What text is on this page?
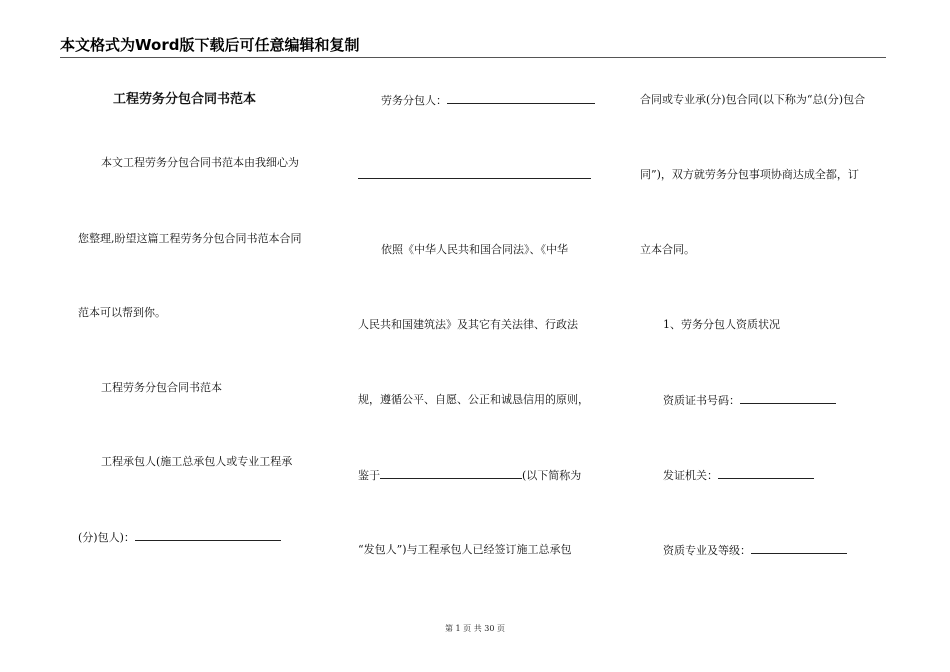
本文格式为Word版下载后可任意编辑和复制
工程劳务分包合同书范本
本文工程劳务分包合同书范本由我细心为
您整理,盼望这篇工程劳务分包合同书范本合同
范本可以帮到你。
工程劳务分包合同书范本
工程承包人(施工总承包人或专业工程承
(分)包人)：
劳务分包人：
依照《中华人民共和国合同法》、《中华
人民共和国建筑法》及其它有关法律、行政法
规，遵循公平、自愿、公正和诚恳信用的原则，
鉴于	(以下简称为
“发包人”)与工程承包人已经签订施工总承包
合同或专业承(分)包合同(以下称为“总(分)包合
同”)，双方就劳务分包事项协商达成全都，订
立本合同。
1、劳务分包人资质状况
资质证书号码：
发证机关：
资质专业及等级：
第 1 页 共 30 页
